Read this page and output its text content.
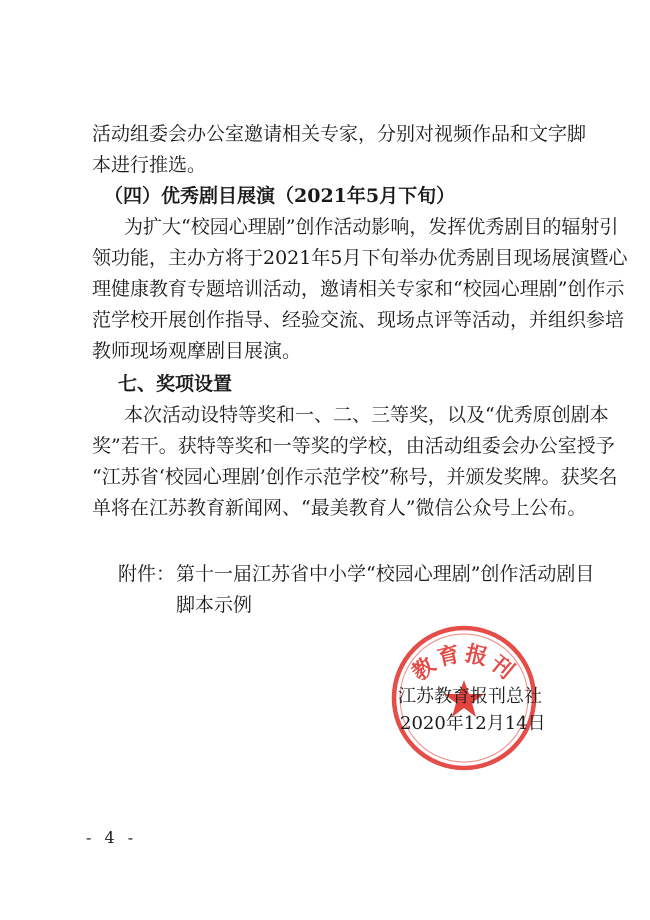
活动组委会办公室邀请相关专家，分别对视频作品和文字脚
本进行推选。
（四）优秀剧目展演（2021年5月下旬）
为扩大“校园心理剧”创作活动影响，发挥优秀剧目的辐射引
领功能，主办方将于2021年5月下旬举办优秀剧目现场展演暨心
理健康教育专题培训活动，邀请相关专家和“校园心理剧”创作示
范学校开展创作指导、经验交流、现场点评等活动，并组织参培
教师现场观摩剧目展演。
七、奖项设置
本次活动设特等奖和一、二、三等奖，以及“优秀原创剧本
奖”若干。获特等奖和一等奖的学校，由活动组委会办公室授予
“江苏省‘校园心理剧’创作示范学校”称号，并颁发奖牌。获奖名
单将在江苏教育新闻网、“最美教育人”微信公众号上公布。
附件： 第十一届江苏省中小学“校园心理剧”创作活动剧目
脚本示例
教育报刊
江苏教育报刊总社
2020年12月14日
- 4 -
